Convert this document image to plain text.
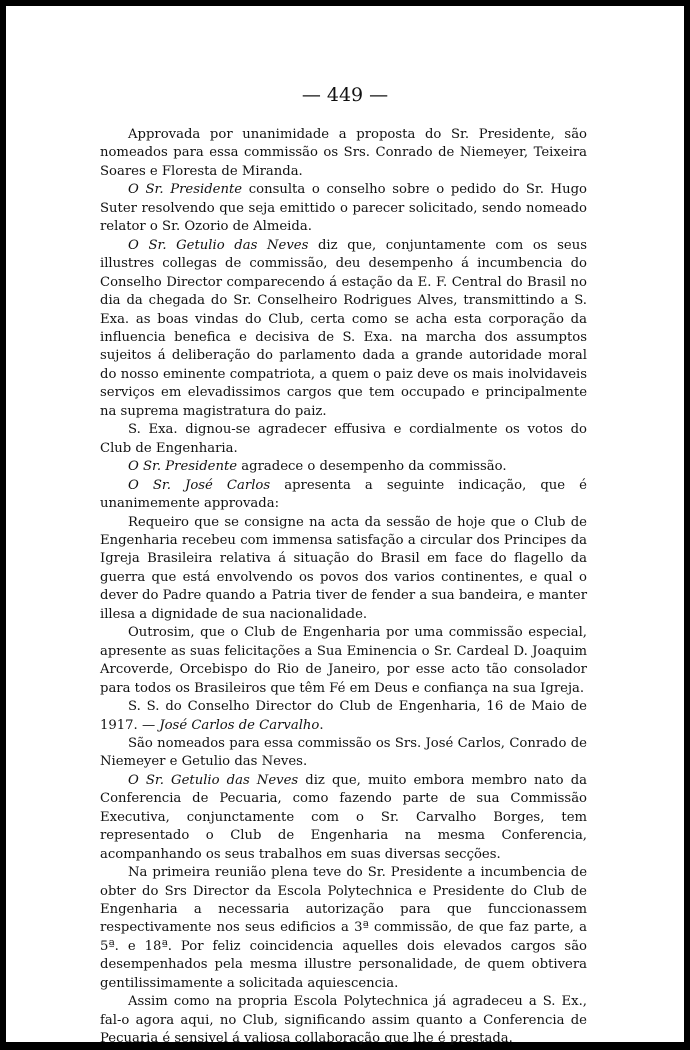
— 449 —

Approvada por unanimidade a proposta do Sr. Presidente, são nomeados para essa commissão os Srs. Conrado de Niemeyer, Teixeira Soares e Floresta de Miranda.

O Sr. Presidente consulta o conselho sobre o pedido do Sr. Hugo Suter resolvendo que seja emittido o parecer solicitado, sendo nomeado relator o Sr. Ozorio de Almeida.

O Sr. Getulio das Neves diz que, conjuntamente com os seus illustres collegas de commissão, deu desempenho á incumbencia do Conselho Director comparecendo á estação da E. F. Central do Brasil no dia da chegada do Sr. Conselheiro Rodrigues Alves, transmittindo a S. Exa. as boas vindas do Club, certa como se acha esta corporação da influencia benefica e decisiva de S. Exa. na marcha dos assumptos sujeitos á deliberação do parlamento dada a grande autoridade moral do nosso eminente compatriota, a quem o paiz deve os mais inolvidaveis serviços em elevadissimos cargos que tem occupado e principalmente na suprema magistratura do paiz.

S. Exa. dignou-se agradecer effusiva e cordialmente os votos do Club de Engenharia.

O Sr. Presidente agradece o desempenho da commissão.

O Sr. José Carlos apresenta a seguinte indicação, que é unanimemente approvada:

Requeiro que se consigne na acta da sessão de hoje que o Club de Engenharia recebeu com immensa satisfação a circular dos Principes da Igreja Brasileira relativa á situação do Brasil em face do flagello da guerra que está envolvendo os povos dos varios continentes, e qual o dever do Padre quando a Patria tiver de fender a sua bandeira, e manter illesa a dignidade de sua nacionalidade.

Outrosim, que o Club de Engenharia por uma commissão especial, apresente as suas felicitações a Sua Eminencia o Sr. Cardeal D. Joaquim Arcoverde, Orcebispo do Rio de Janeiro, por esse acto tão consolador para todos os Brasileiros que têm Fé em Deus e confiança na sua Igreja.

S. S. do Conselho Director do Club de Engenharia, 16 de Maio de 1917. — José Carlos de Carvalho.

São nomeados para essa commissão os Srs. José Carlos, Conrado de Niemeyer e Getulio das Neves.

O Sr. Getulio das Neves diz que, muito embora membro nato da Conferencia de Pecuaria, como fazendo parte de sua Commissão Executiva, conjunctamente com o Sr. Carvalho Borges, tem representado o Club de Engenharia na mesma Conferencia, acompanhando os seus trabalhos em suas diversas secções.

Na primeira reunião plena teve do Sr. Presidente a incumbencia de obter do Srs Director da Escola Polytechnica e Presidente do Club de Engenharia a necessaria autorização para que funccionassem respectivamente nos seus edificios a 3ª commissão, de que faz parte, a 5ª. e 18ª. Por feliz coincidencia aquelles dois elevados cargos são desempenhados pela mesma illustre personalidade, de quem obtivera gentilissimamente a solicitada aquiescencia.

Assim como na propria Escola Polytechnica já agradeceu a S. Ex., fal-o agora aqui, no Club, significando assim quanto a Conferencia de Pecuaria é sensivel á valiosa collaboração que lhe é prestada.
